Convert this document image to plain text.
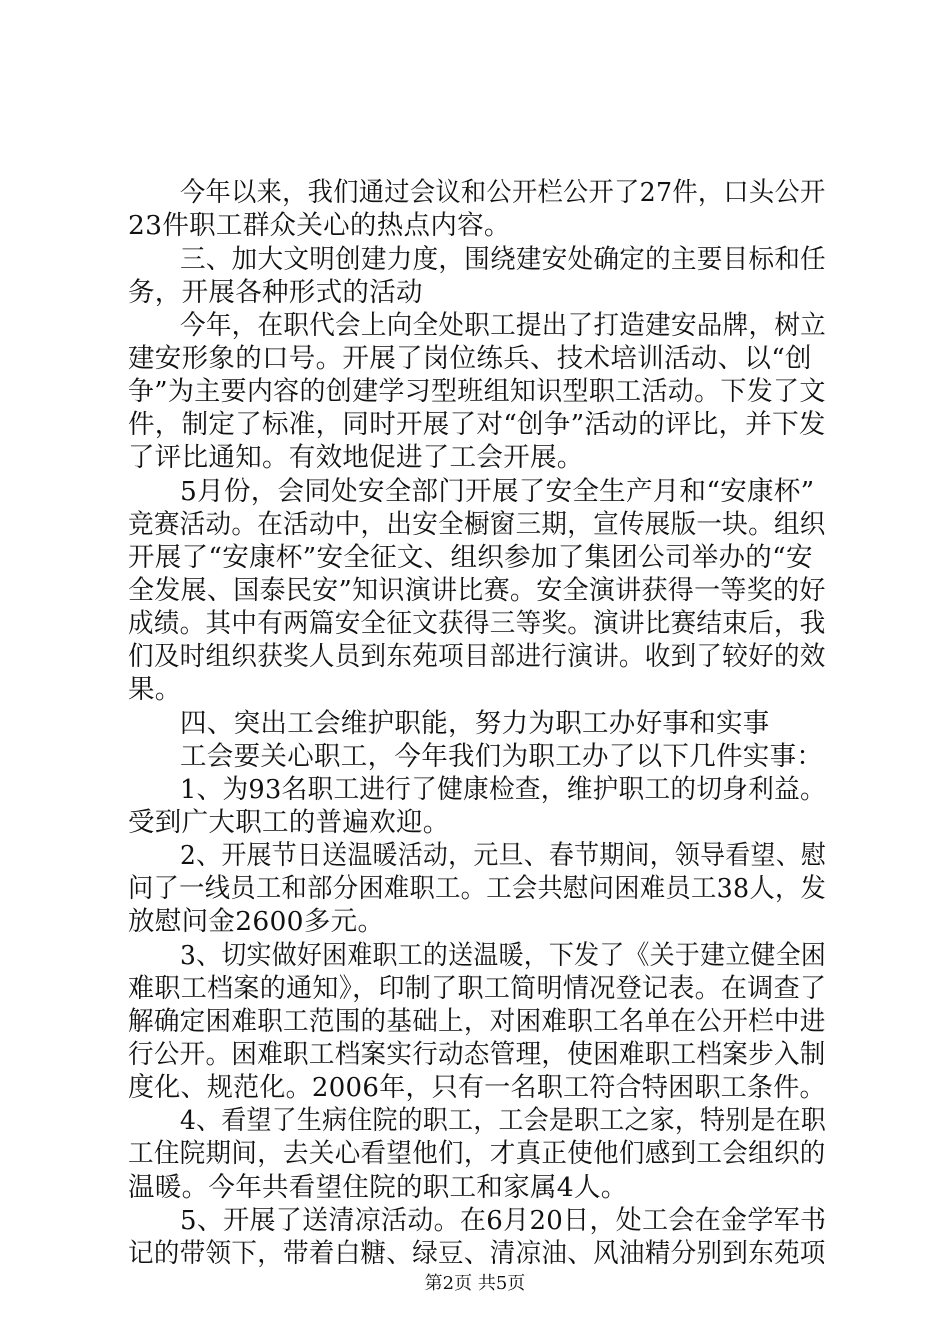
今年以来，我们通过会议和公开栏公开了27件，口头公开
23件职工群众关心的热点内容。
三、加大文明创建力度，围绕建安处确定的主要目标和任
务，开展各种形式的活动
今年，在职代会上向全处职工提出了打造建安品牌，树立
建安形象的口号。开展了岗位练兵、技术培训活动、以“创
争”为主要内容的创建学习型班组知识型职工活动。下发了文
件，制定了标准，同时开展了对“创争”活动的评比，并下发
了评比通知。有效地促进了工会开展。
5月份，会同处安全部门开展了安全生产月和“安康杯”
竞赛活动。在活动中，出安全橱窗三期，宣传展版一块。组织
开展了“安康杯”安全征文、组织参加了集团公司举办的“安
全发展、国泰民安”知识演讲比赛。安全演讲获得一等奖的好
成绩。其中有两篇安全征文获得三等奖。演讲比赛结束后，我
们及时组织获奖人员到东苑项目部进行演讲。收到了较好的效
果。
四、突出工会维护职能，努力为职工办好事和实事
工会要关心职工，今年我们为职工办了以下几件实事：
1、为93名职工进行了健康检查，维护职工的切身利益。
受到广大职工的普遍欢迎。
2、开展节日送温暖活动，元旦、春节期间，领导看望、慰
问了一线员工和部分困难职工。工会共慰问困难员工38人，发
放慰问金2600多元。
3、切实做好困难职工的送温暖，下发了《关于建立健全困
难职工档案的通知》，印制了职工简明情况登记表。在调查了
解确定困难职工范围的基础上，对困难职工名单在公开栏中进
行公开。困难职工档案实行动态管理，使困难职工档案步入制
度化、规范化。2006年，只有一名职工符合特困职工条件。
4、看望了生病住院的职工，工会是职工之家，特别是在职
工住院期间，去关心看望他们，才真正使他们感到工会组织的
温暖。今年共看望住院的职工和家属4人。
5、开展了送清凉活动。在6月20日，处工会在金学军书
记的带领下，带着白糖、绿豆、清凉油、风油精分别到东苑项
第2页 共5页
